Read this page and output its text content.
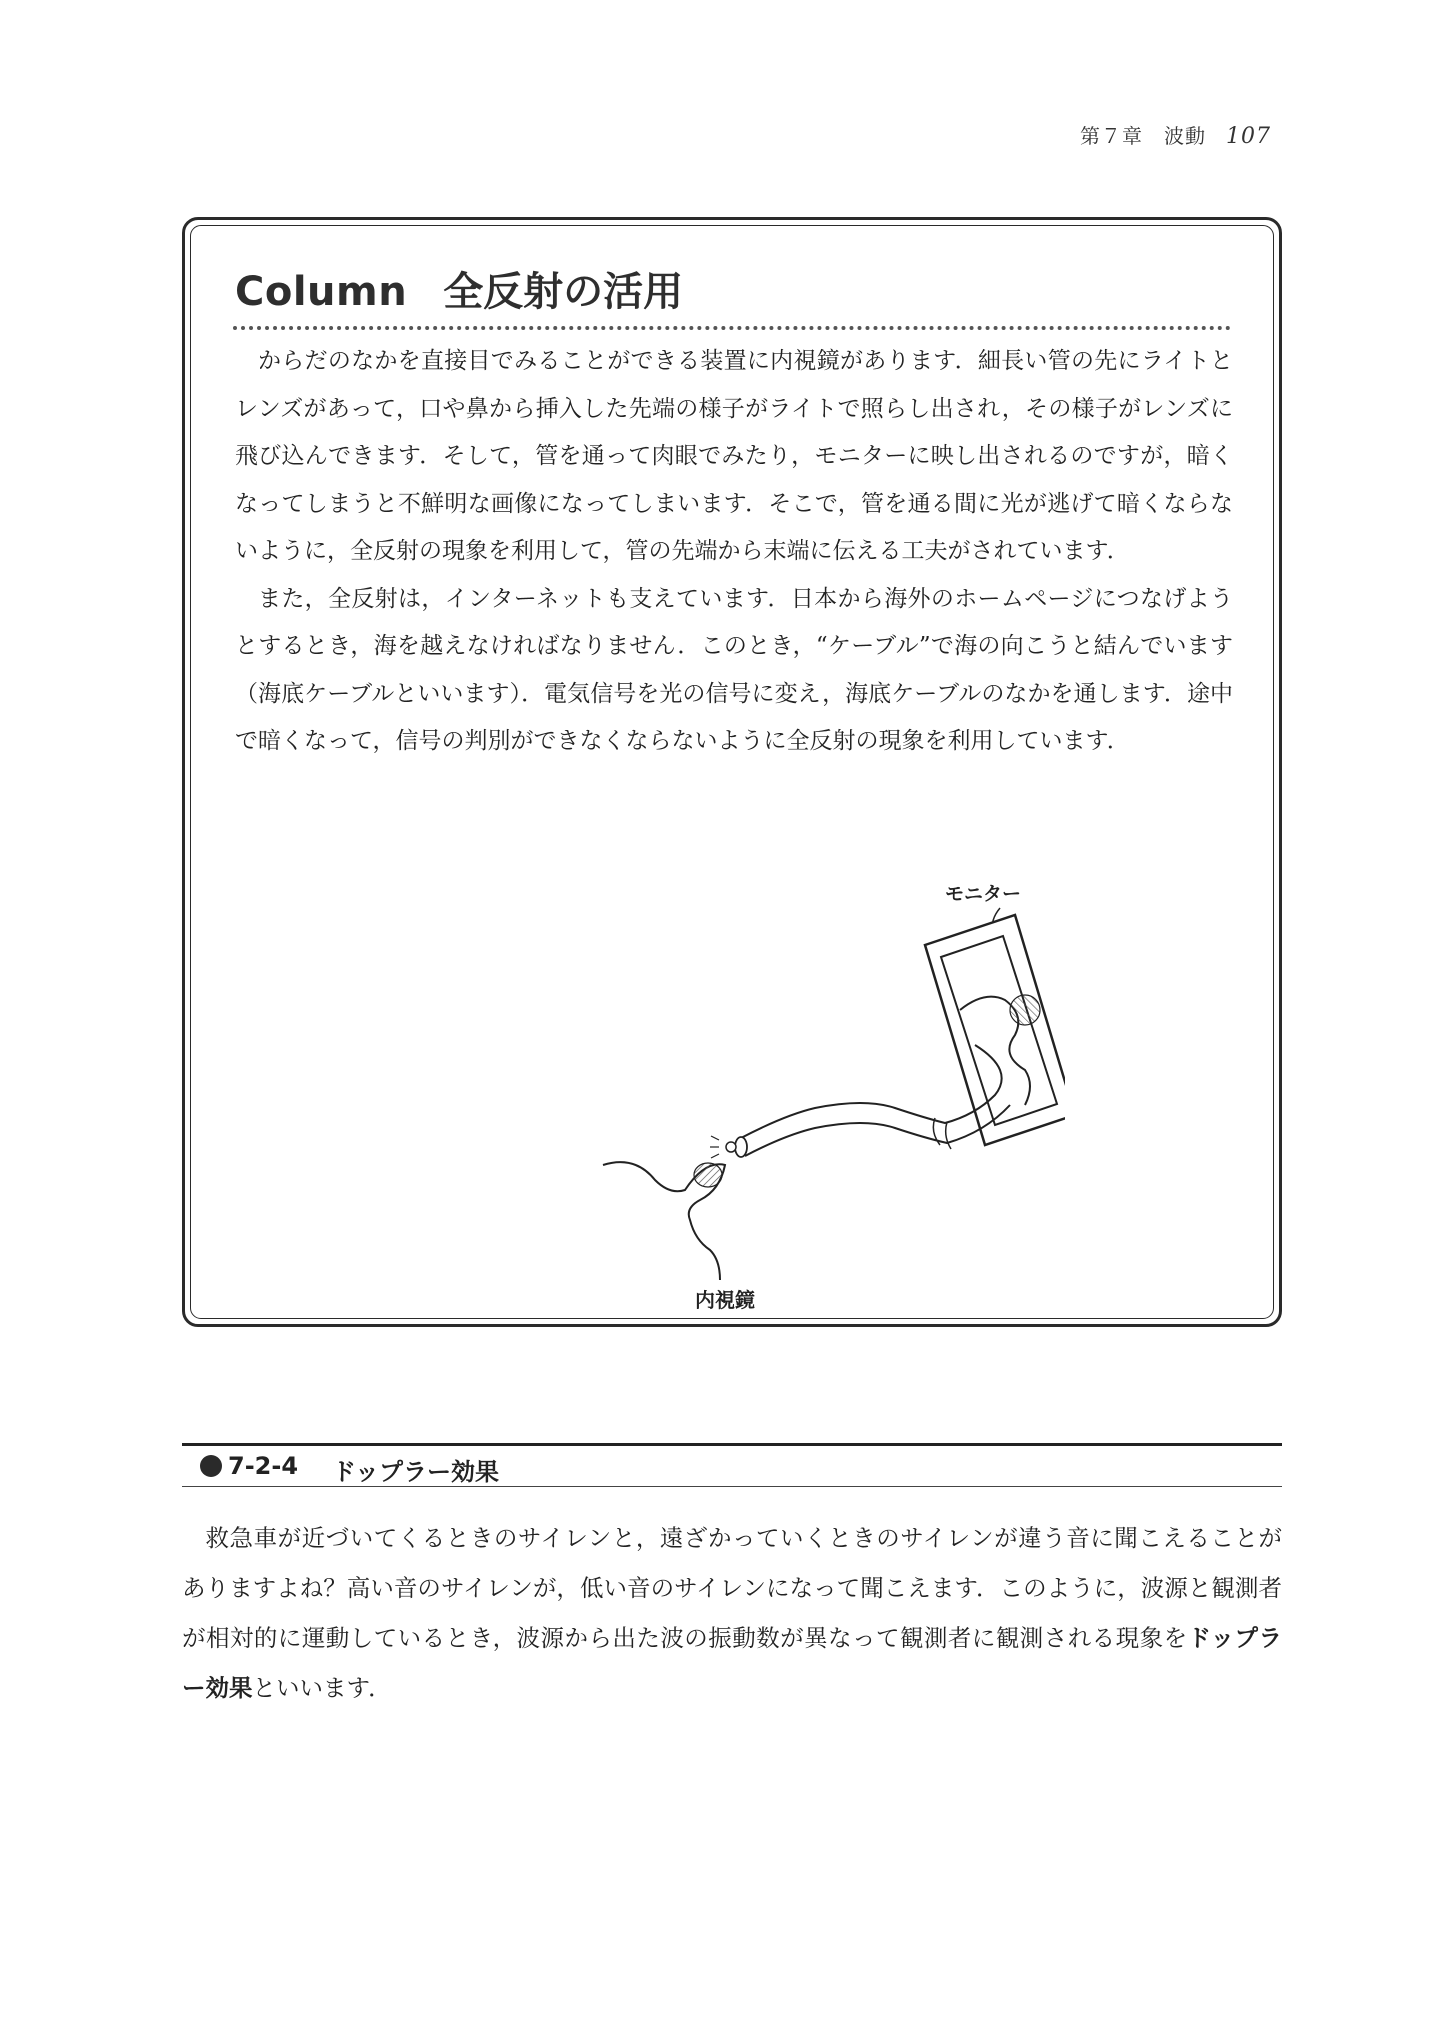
第７章　波動 107
Column 全反射の活用

からだのなかを直接目でみることができる装置に内視鏡があります．細長い管の先にライトとレンズがあって，口や鼻から挿入した先端の様子がライトで照らし出され，その様子がレンズに飛び込んできます．そして，管を通って肉眼でみたり，モニターに映し出されるのですが，暗くなってしまうと不鮮明な画像になってしまいます．そこで，管を通る間に光が逃げて暗くならないように，全反射の現象を利用して，管の先端から末端に伝える工夫がされています．

また，全反射は，インターネットも支えています．日本から海外のホームページにつなげようとするとき，海を越えなければなりません．このとき，“ケーブル”で海の向こうと結んでいます（海底ケーブルといいます）．電気信号を光の信号に変え，海底ケーブルのなかを通します．途中で暗くなって，信号の判別ができなくならないように全反射の現象を利用しています．

モニター
内視鏡
7-2-4 ドップラー効果

救急車が近づいてくるときのサイレンと，遠ざかっていくときのサイレンが違う音に聞こえることがありますよね？高い音のサイレンが，低い音のサイレンになって聞こえます．このように，波源と観測者が相対的に運動しているとき，波源から出た波の振動数が異なって観測者に観測される現象をドップラー効果といいます．
